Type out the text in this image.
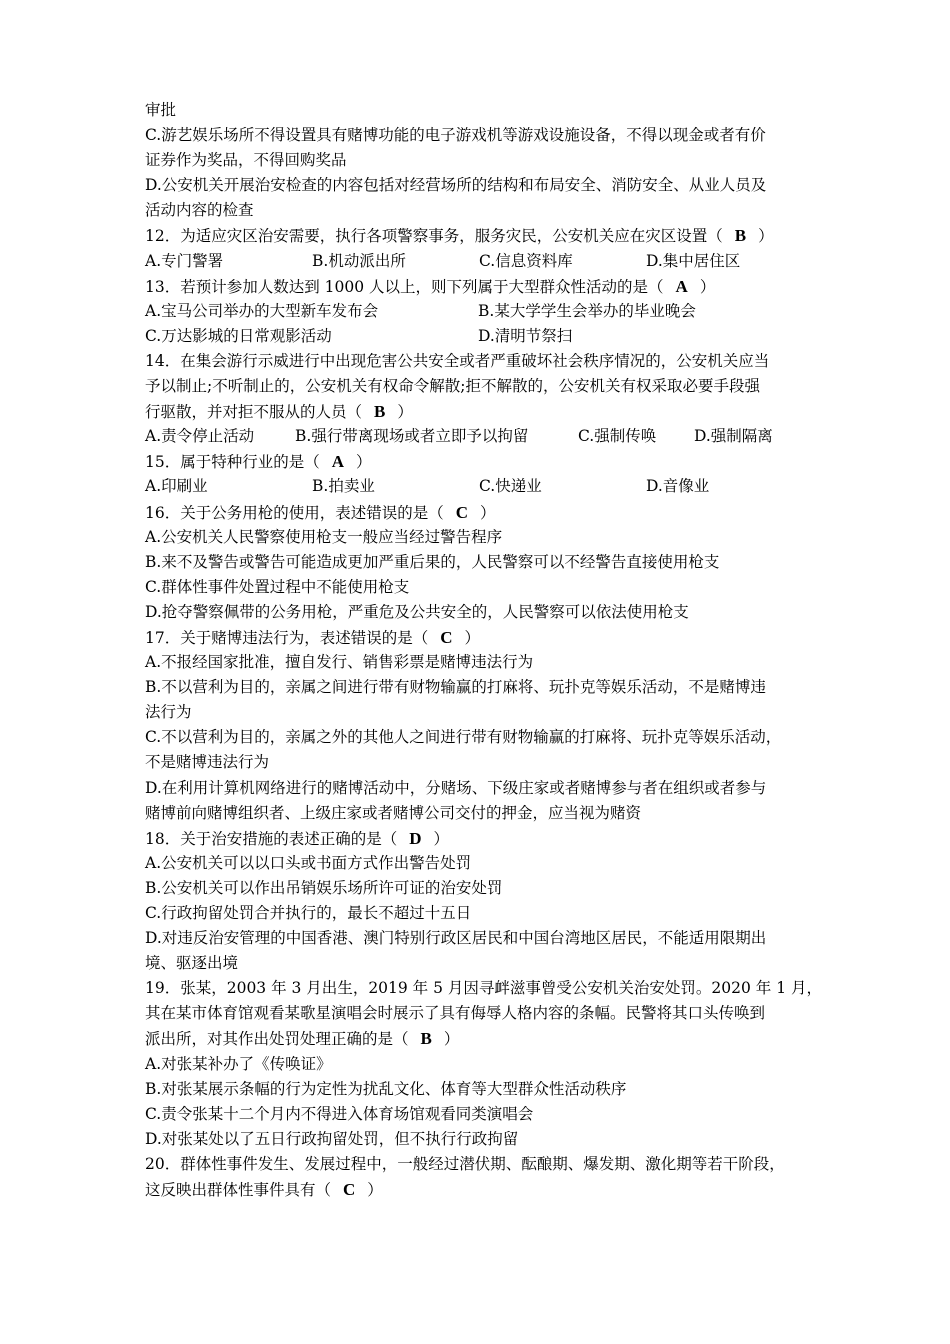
审批
C.游艺娱乐场所不得设置具有赌博功能的电子游戏机等游戏设施设备，不得以现金或者有价
证券作为奖品，不得回购奖品
D.公安机关开展治安检查的内容包括对经营场所的结构和布局安全、消防安全、从业人员及
活动内容的检查
12．为适应灾区治安需要，执行各项警察事务，服务灾民，公安机关应在灾区设置（ B ）
A.专门警署	B.机动派出所	C.信息资料库	D.集中居住区
13．若预计参加人数达到 1000 人以上，则下列属于大型群众性活动的是（ A ）
A.宝马公司举办的大型新车发布会	B.某大学学生会举办的毕业晚会
C.万达影城的日常观影活动	D.清明节祭扫
14．在集会游行示威进行中出现危害公共安全或者严重破坏社会秩序情况的，公安机关应当
予以制止;不听制止的，公安机关有权命令解散;拒不解散的，公安机关有权采取必要手段强
行驱散，并对拒不服从的人员（ B ）
A.责令停止活动	B.强行带离现场或者立即予以拘留	C.强制传唤 D.强制隔离
15．属于特种行业的是（ A ）
A.印刷业	B.拍卖业	C.快递业	D.音像业
16．关于公务用枪的使用，表述错误的是（ C ）
A.公安机关人民警察使用枪支一般应当经过警告程序
B.来不及警告或警告可能造成更加严重后果的，人民警察可以不经警告直接使用枪支
C.群体性事件处置过程中不能使用枪支
D.抢夺警察佩带的公务用枪，严重危及公共安全的，人民警察可以依法使用枪支
17．关于赌博违法行为，表述错误的是（ C ）
A.不报经国家批准，擅自发行、销售彩票是赌博违法行为
B.不以营利为目的，亲属之间进行带有财物输赢的打麻将、玩扑克等娱乐活动，不是赌博违
法行为
C.不以营利为目的，亲属之外的其他人之间进行带有财物输赢的打麻将、玩扑克等娱乐活动，
不是赌博违法行为
D.在利用计算机网络进行的赌博活动中，分赌场、下级庄家或者赌博参与者在组织或者参与
赌博前向赌博组织者、上级庄家或者赌博公司交付的押金，应当视为赌资
18．关于治安措施的表述正确的是（ D ）
A.公安机关可以以口头或书面方式作出警告处罚
B.公安机关可以作出吊销娱乐场所许可证的治安处罚
C.行政拘留处罚合并执行的，最长不超过十五日
D.对违反治安管理的中国香港、澳门特别行政区居民和中国台湾地区居民，不能适用限期出
境、驱逐出境
19．张某，2003 年 3 月出生，2019 年 5 月因寻衅滋事曾受公安机关治安处罚。2020 年 1 月，
其在某市体育馆观看某歌星演唱会时展示了具有侮辱人格内容的条幅。民警将其口头传唤到
派出所，对其作出处罚处理正确的是（ B ）
A.对张某补办了《传唤证》
B.对张某展示条幅的行为定性为扰乱文化、体育等大型群众性活动秩序
C.责令张某十二个月内不得进入体育场馆观看同类演唱会
D.对张某处以了五日行政拘留处罚，但不执行行政拘留
20．群体性事件发生、发展过程中，一般经过潜伏期、酝酿期、爆发期、激化期等若干阶段，
这反映出群体性事件具有（ C ）
